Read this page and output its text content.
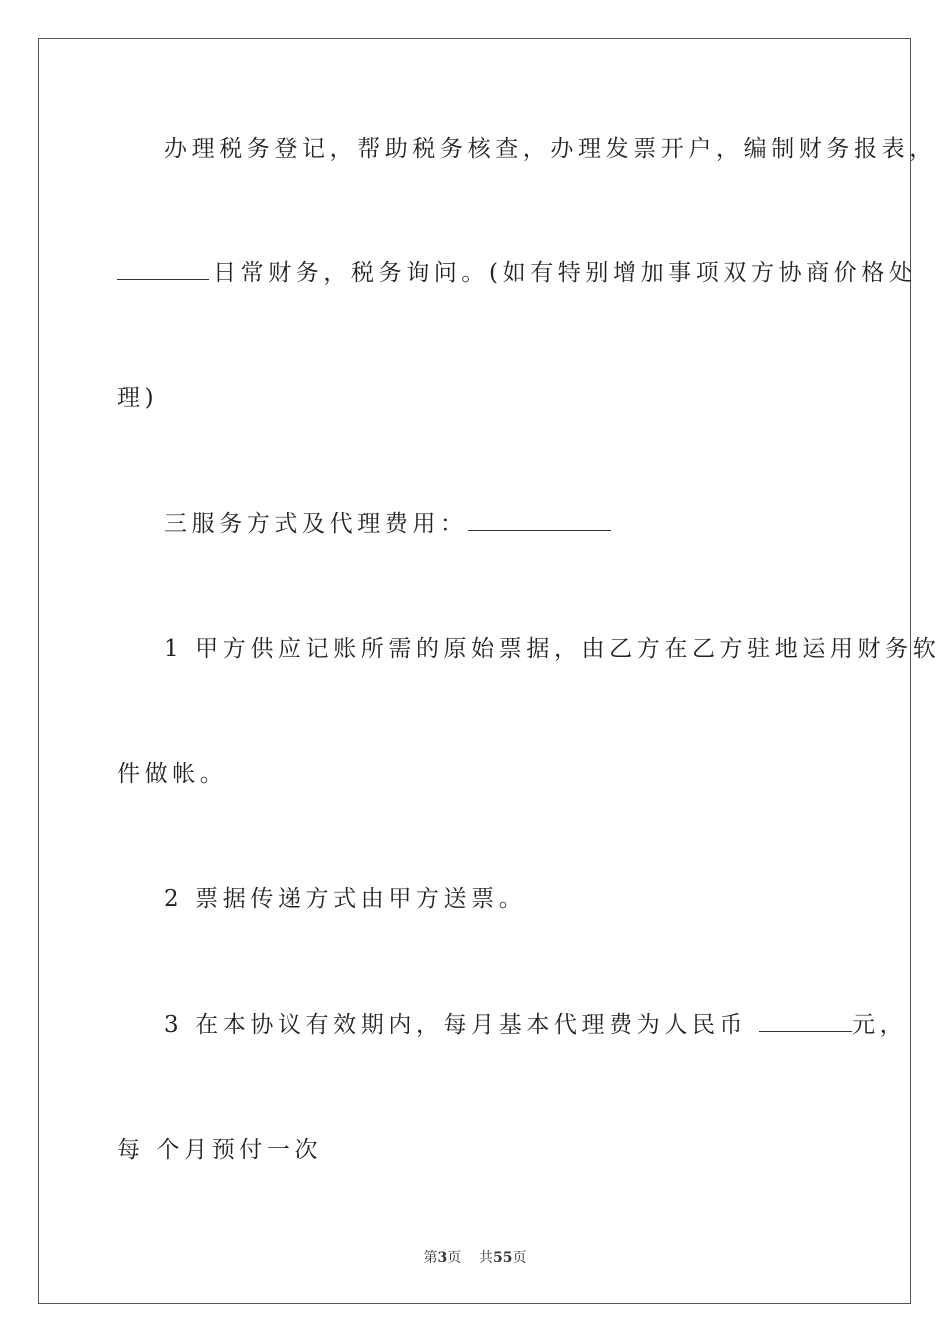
办理税务登记，帮助税务核查，办理发票开户，编制财务报表，
日常财务，税务询问。(如有特别增加事项双方协商价格处
理)
三服务方式及代理费用：
1 甲方供应记账所需的原始票据，由乙方在乙方驻地运用财务软
件做帐。
2 票据传递方式由甲方送票。
3 在本协议有效期内，每月基本代理费为人民币	元，
每 个月预付一次
第3页 共55页
